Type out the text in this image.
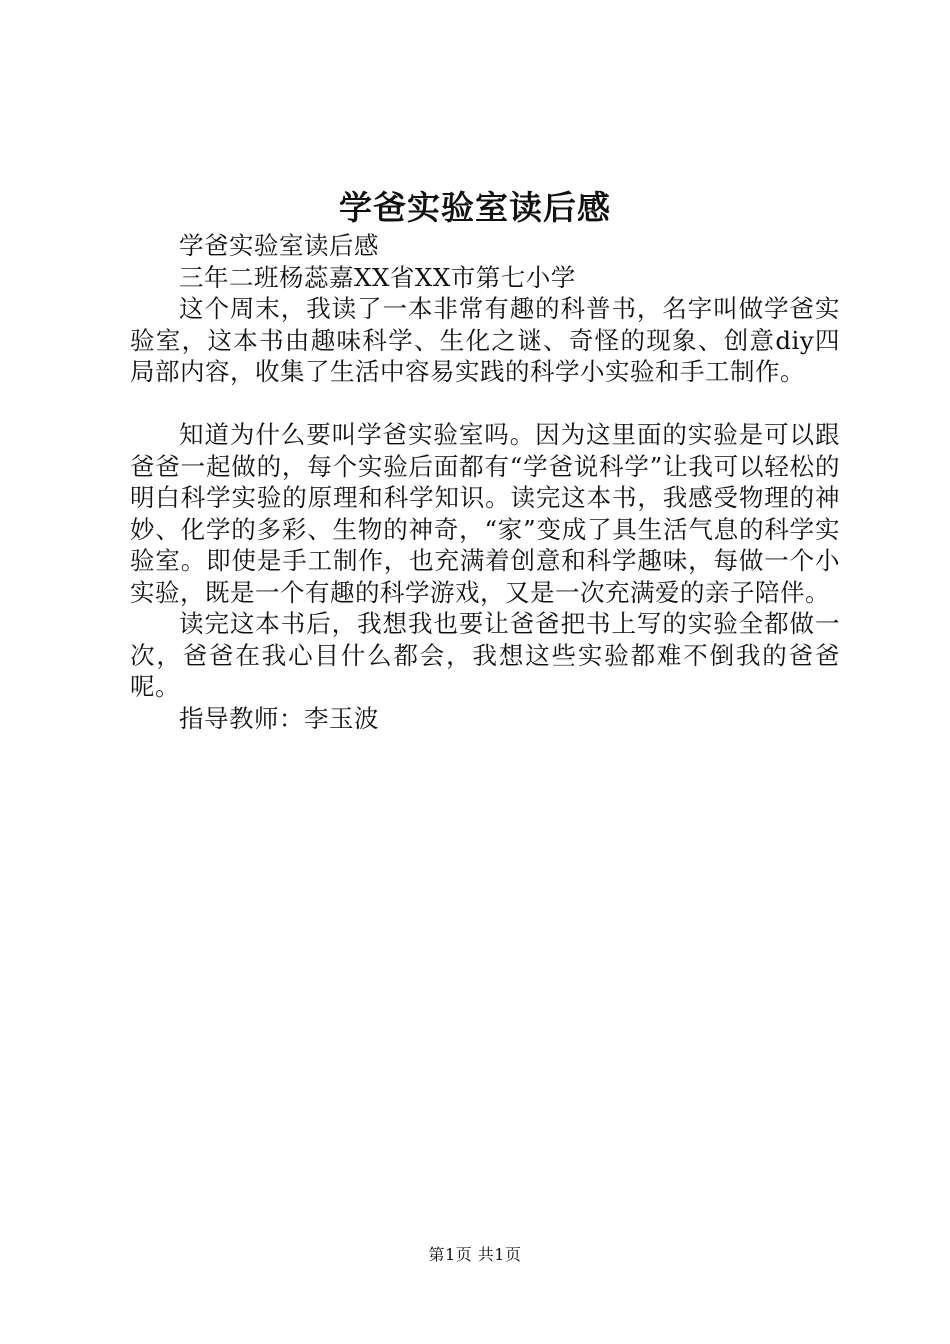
学爸实验室读后感

学爸实验室读后感

三年二班杨蕊嘉XX省XX市第七小学

这个周末，我读了一本非常有趣的科普书，名字叫做学爸实验室，这本书由趣味科学、生化之谜、奇怪的现象、创意diy四局部内容，收集了生活中容易实践的科学小实验和手工制作。

知道为什么要叫学爸实验室吗。因为这里面的实验是可以跟爸爸一起做的，每个实验后面都有“学爸说科学”让我可以轻松的明白科学实验的原理和科学知识。读完这本书，我感受物理的神妙、化学的多彩、生物的神奇，“家”变成了具生活气息的科学实验室。即使是手工制作，也充满着创意和科学趣味，每做一个小实验，既是一个有趣的科学游戏，又是一次充满爱的亲子陪伴。

读完这本书后，我想我也要让爸爸把书上写的实验全都做一次，爸爸在我心目什么都会，我想这些实验都难不倒我的爸爸呢。

指导教师：李玉波

第1页 共1页
